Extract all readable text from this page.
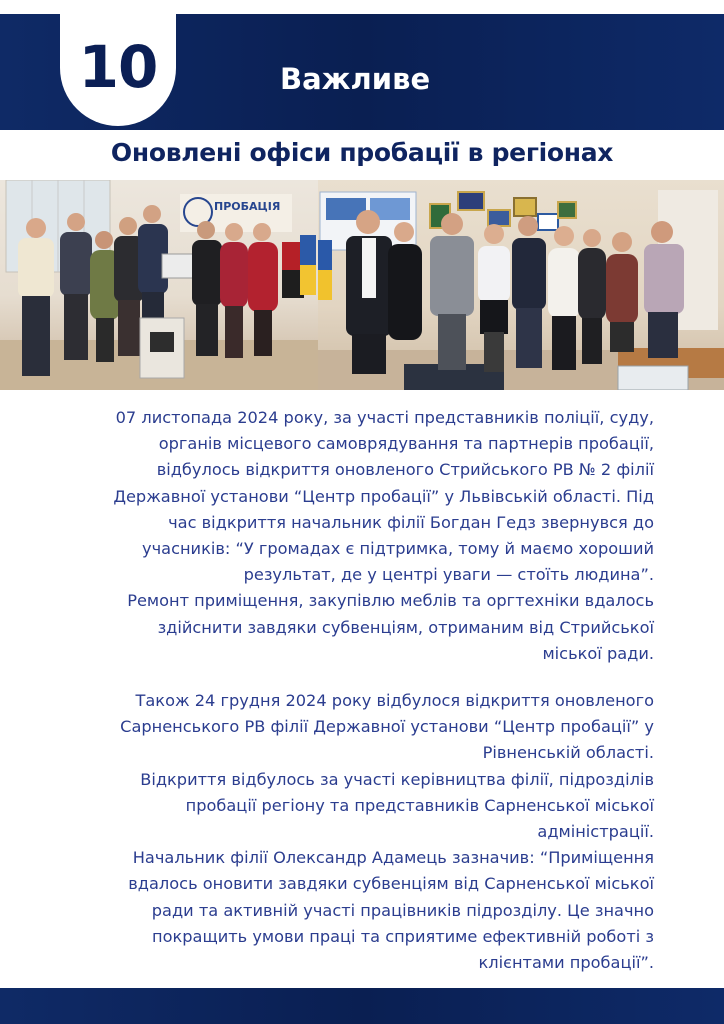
10	Важливе
Оновлені офіси пробації в регіонах
ПРОБАЦІЯ
07 листопада 2024 року, за участі представників поліції, суду,
органів місцевого самоврядування та партнерів пробації,
відбулось відкриття оновленого Стрийського РВ № 2 філії
Державної установи “Центр пробації” у Львівській області. Під
час відкриття начальник філії Богдан Гедз звернувся до
учасників: “У громадах є підтримка, тому й маємо хороший
результат, де у центрі уваги — стоїть людина”.
Ремонт приміщення, закупівлю меблів та оргтехніки вдалось
здійснити завдяки субвенціям, отриманим від Стрийської
міської ради.
Також 24 грудня 2024 року відбулося відкриття оновленого
Сарненського РВ філії Державної установи “Центр пробації” у
Рівненській області.
Відкриття відбулось за участі керівництва філії, підрозділів
пробації регіону та представників Сарненської міської
адміністрації.
Начальник філії Олександр Адамець зазначив: “Приміщення
вдалось оновити завдяки субвенціям від Сарненської міської
ради та активній участі працівників підрозділу. Це значно
покращить умови праці та сприятиме ефективній роботі з
клієнтами пробації”.
